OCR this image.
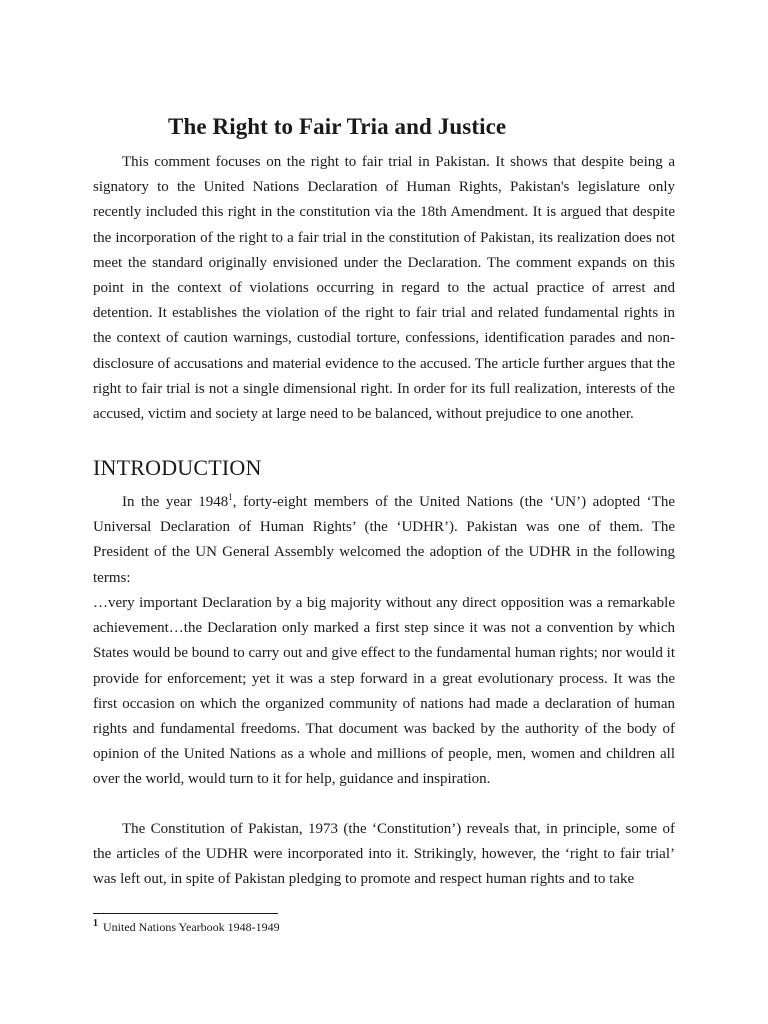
The Right to Fair Tria and Justice

This comment focuses on the right to fair trial in Pakistan. It shows that despite being a signatory to the United Nations Declaration of Human Rights, Pakistan's legislature only recently included this right in the constitution via the 18th Amendment. It is argued that despite the incorporation of the right to a fair trial in the constitution of Pakistan, its realization does not meet the standard originally envisioned under the Declaration. The comment expands on this point in the context of violations occurring in regard to the actual practice of arrest and detention. It establishes the violation of the right to fair trial and related fundamental rights in the context of caution warnings, custodial torture, confessions, identification parades and non-disclosure of accusations and material evidence to the accused. The article further argues that the right to fair trial is not a single dimensional right. In order for its full realization, interests of the accused, victim and society at large need to be balanced, without prejudice to one another.

INTRODUCTION

In the year 1948$^1$, forty-eight members of the United Nations (the ‘UN’) adopted ‘The Universal Declaration of Human Rights’ (the ‘UDHR’). Pakistan was one of them. The President of the UN General Assembly welcomed the adoption of the UDHR in the following terms:

…very important Declaration by a big majority without any direct opposition was a remarkable achievement…the Declaration only marked a first step since it was not a convention by which States would be bound to carry out and give effect to the fundamental human rights; nor would it provide for enforcement; yet it was a step forward in a great evolutionary process. It was the first occasion on which the organized community of nations had made a declaration of human rights and fundamental freedoms. That document was backed by the authority of the body of opinion of the United Nations as a whole and millions of people, men, women and children all over the world, would turn to it for help, guidance and inspiration.

The Constitution of Pakistan, 1973 (the ‘Constitution’) reveals that, in principle, some of the articles of the UDHR were incorporated into it. Strikingly, however, the ‘right to fair trial’ was left out, in spite of Pakistan pledging to promote and respect human rights and to take

$^1$ United Nations Yearbook 1948-1949
